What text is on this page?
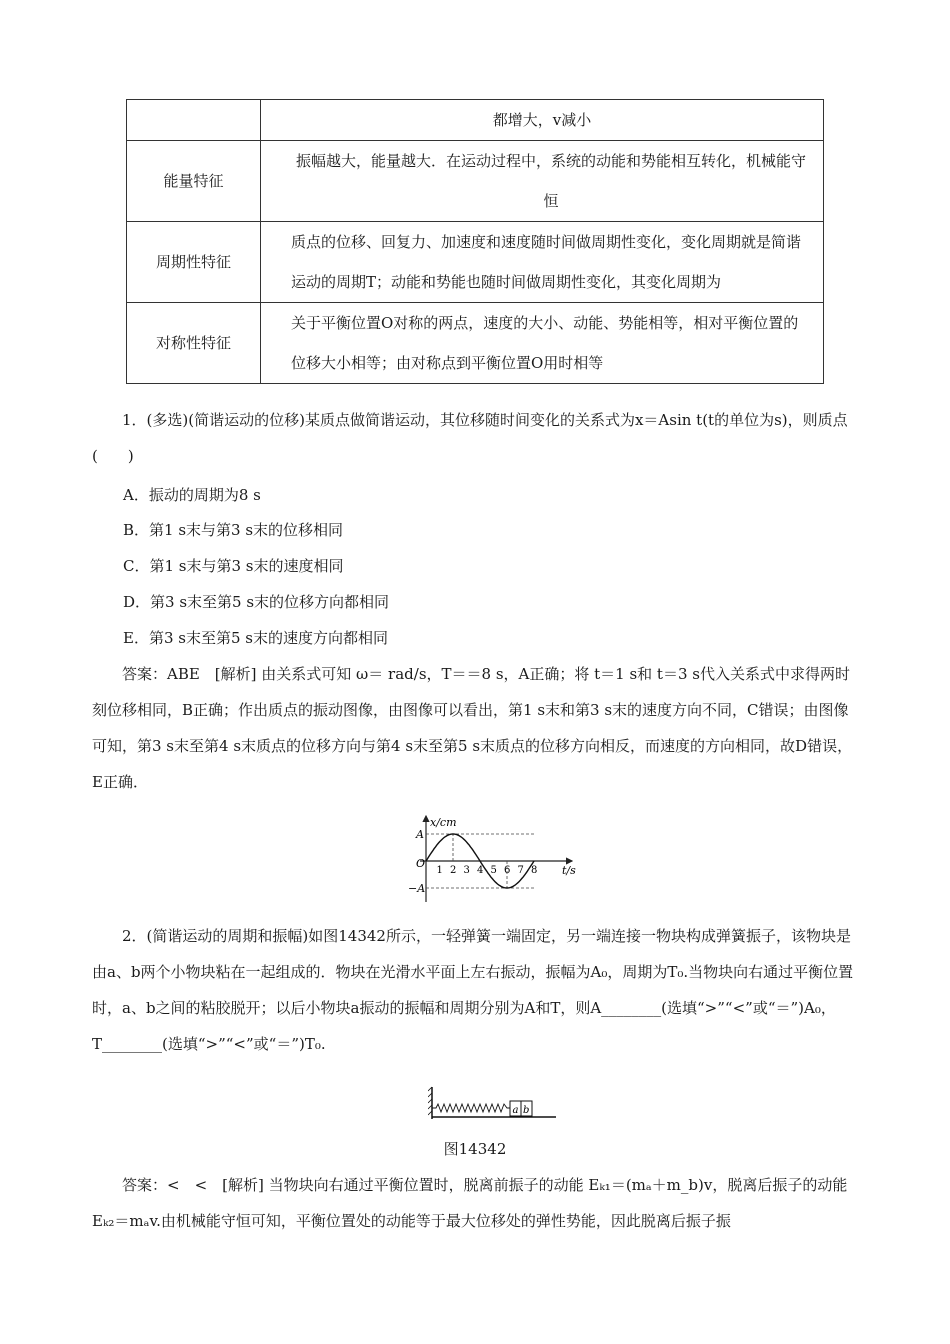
	都增大，v减小
能量特征	振幅越大，能量越大．在运动过程中，系统的动能和势能相互转化，机械能守恒
周期性特征	质点的位移、回复力、加速度和速度随时间做周期性变化，变化周期就是简谐运动的周期T；动能和势能也随时间做周期性变化，其变化周期为
对称性特征	关于平衡位置O对称的两点，速度的大小、动能、势能相等，相对平衡位置的位移大小相等；由对称点到平衡位置O用时相等

1．(多选)(简谐运动的位移)某质点做简谐运动，其位移随时间变化的关系式为x＝Asin t(t的单位为s)，则质点(　　)

A．振动的周期为8 s

B．第1 s末与第3 s末的位移相同

C．第1 s末与第3 s末的速度相同

D．第3 s末至第5 s末的位移方向都相同

E．第3 s末至第5 s末的速度方向都相同

答案：ABE　[解析] 由关系式可知 ω＝ rad/s，T＝＝8 s，A正确；将 t＝1 s和 t＝3 s代入关系式中求得两时刻位移相同，B正确；作出质点的振动图像，由图像可以看出，第1 s末和第3 s末的速度方向不同，C错误；由图像可知，第3 s末至第4 s末质点的位移方向与第4 s末至第5 s末质点的位移方向相反，而速度的方向相同，故D错误，E正确．

x/cm
t/s
O
A
−A
1 2 3 4 5 6 7 8

2．(简谐运动的周期和振幅)如图14342所示，一轻弹簧一端固定，另一端连接一物块构成弹簧振子，该物块是由a、b两个小物块粘在一起组成的．物块在光滑水平面上左右振动，振幅为A₀，周期为T₀.当物块向右通过平衡位置时，a、b之间的粘胶脱开；以后小物块a振动的振幅和周期分别为A和T，则A________(选填“>”“<”或“＝”)A₀，T________(选填“>”“<”或“＝”)T₀.

a b
图14342

答案：<　<　[解析] 当物块向右通过平衡位置时，脱离前振子的动能 Eₖ₁＝(mₐ＋m_b)v，脱离后振子的动能 Eₖ₂＝mₐv.由机械能守恒可知，平衡位置处的动能等于最大位移处的弹性势能，因此脱离后振子振
